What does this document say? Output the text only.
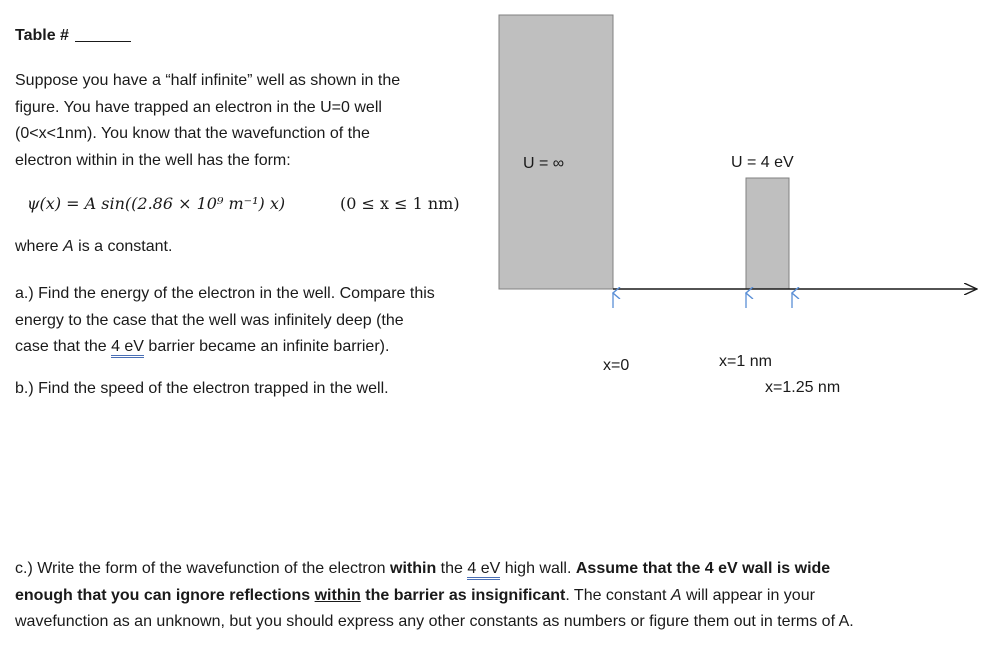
Table #
Suppose you have a “half infinite” well as shown in the
figure. You have trapped an electron in the U=0 well
(0<x<1nm). You know that the wavefunction of the
electron within in the well has the form:
ψ(x) = A sin((2.86 × 10⁹ m⁻¹) x)	(0 ≤ x ≤ 1 nm)
where A is a constant.
a.) Find the energy of the electron in the well. Compare this
energy to the case that the well was infinitely deep (the
case that the 4 eV barrier became an infinite barrier).
b.) Find the speed of the electron trapped in the well.
U = ∞	U = 4 eV
x=0	x=1 nm
x=1.25 nm
c.) Write the form of the wavefunction of the electron within the 4 eV high wall. Assume that the 4 eV wall is wide
enough that you can ignore reflections within the barrier as insignificant. The constant A will appear in your
wavefunction as an unknown, but you should express any other constants as numbers or figure them out in terms of A.
